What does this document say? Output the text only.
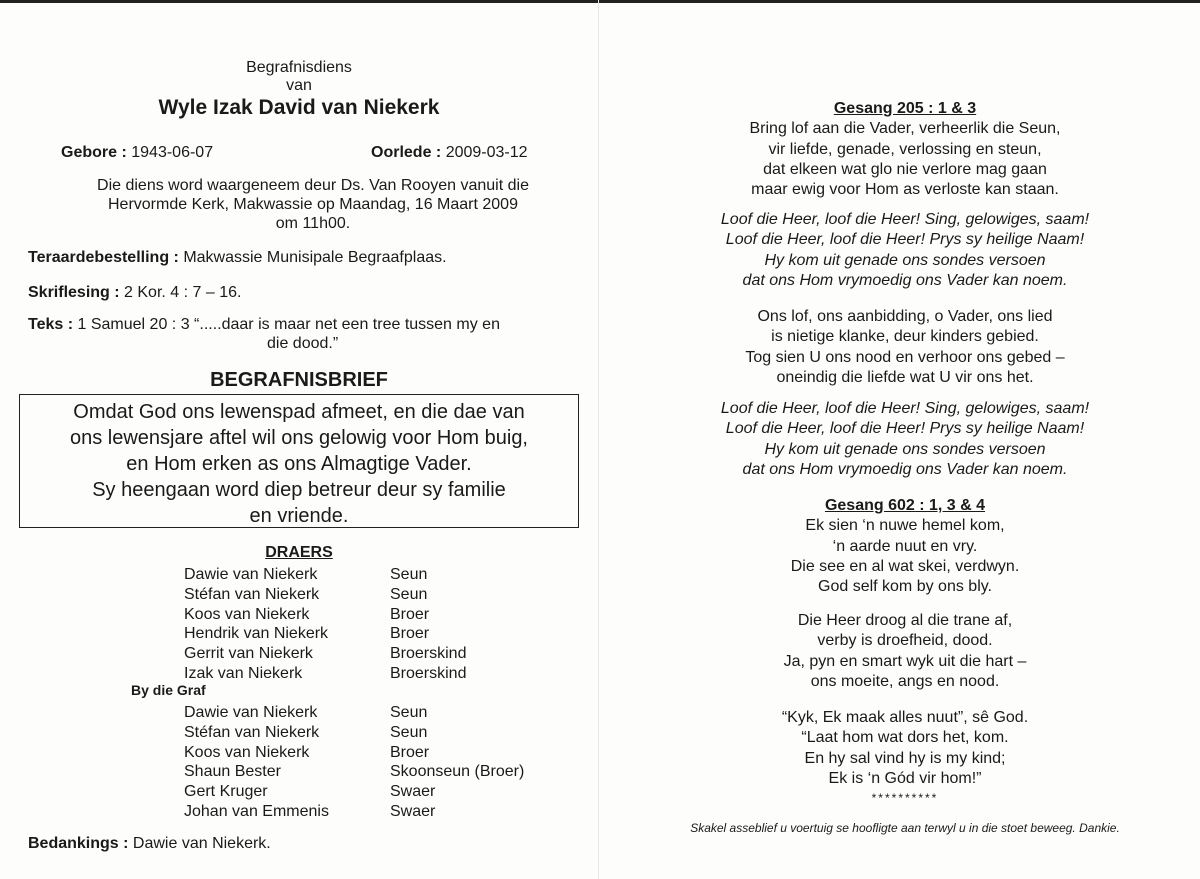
Begrafnisdiens
van
Wyle Izak David van Niekerk
Gebore : 1943-06-07	Oorlede : 2009-03-12
Die diens word waargeneem deur Ds. Van Rooyen vanuit die
Hervormde Kerk, Makwassie op Maandag, 16 Maart 2009
om 11h00.
Teraardebestelling : Makwassie Munisipale Begraafplaas.
Skriflesing : 2 Kor. 4 : 7 – 16.
Teks : 1 Samuel 20 : 3 “.....daar is maar net een tree tussen my en
die dood.”
BEGRAFNISBRIEF
Omdat God ons lewenspad afmeet, en die dae van
ons lewensjare aftel wil ons gelowig voor Hom buig,
en Hom erken as ons Almagtige Vader.
Sy heengaan word diep betreur deur sy familie
en vriende.
DRAERS
Dawie van Niekerk
Stéfan van Niekerk
Koos van Niekerk
Hendrik van Niekerk
Gerrit van Niekerk
Izak van Niekerk
Seun
Seun
Broer
Broer
Broerskind
Broerskind
By die Graf
Dawie van Niekerk
Stéfan van Niekerk
Koos van Niekerk
Shaun Bester
Gert Kruger
Johan van Emmenis
Seun
Seun
Broer
Skoonseun (Broer)
Swaer
Swaer
Bedankings : Dawie van Niekerk.
Gesang 205 : 1 & 3
Bring lof aan die Vader, verheerlik die Seun,
vir liefde, genade, verlossing en steun,
dat elkeen wat glo nie verlore mag gaan
maar ewig voor Hom as verloste kan staan.
Loof die Heer, loof die Heer! Sing, gelowiges, saam!
Loof die Heer, loof die Heer! Prys sy heilige Naam!
Hy kom uit genade ons sondes versoen
dat ons Hom vrymoedig ons Vader kan noem.
Ons lof, ons aanbidding, o Vader, ons lied
is nietige klanke, deur kinders gebied.
Tog sien U ons nood en verhoor ons gebed –
oneindig die liefde wat U vir ons het.
Loof die Heer, loof die Heer! Sing, gelowiges, saam!
Loof die Heer, loof die Heer! Prys sy heilige Naam!
Hy kom uit genade ons sondes versoen
dat ons Hom vrymoedig ons Vader kan noem.
Gesang 602 : 1, 3 & 4
Ek sien ‘n nuwe hemel kom,
‘n aarde nuut en vry.
Die see en al wat skei, verdwyn.
God self kom by ons bly.
Die Heer droog al die trane af,
verby is droefheid, dood.
Ja, pyn en smart wyk uit die hart –
ons moeite, angs en nood.
“Kyk, Ek maak alles nuut”, sê God.
“Laat hom wat dors het, kom.
En hy sal vind hy is my kind;
Ek is ‘n Gód vir hom!”
**********
Skakel asseblief u voertuig se hoofligte aan terwyl u in die stoet beweeg. Dankie.
